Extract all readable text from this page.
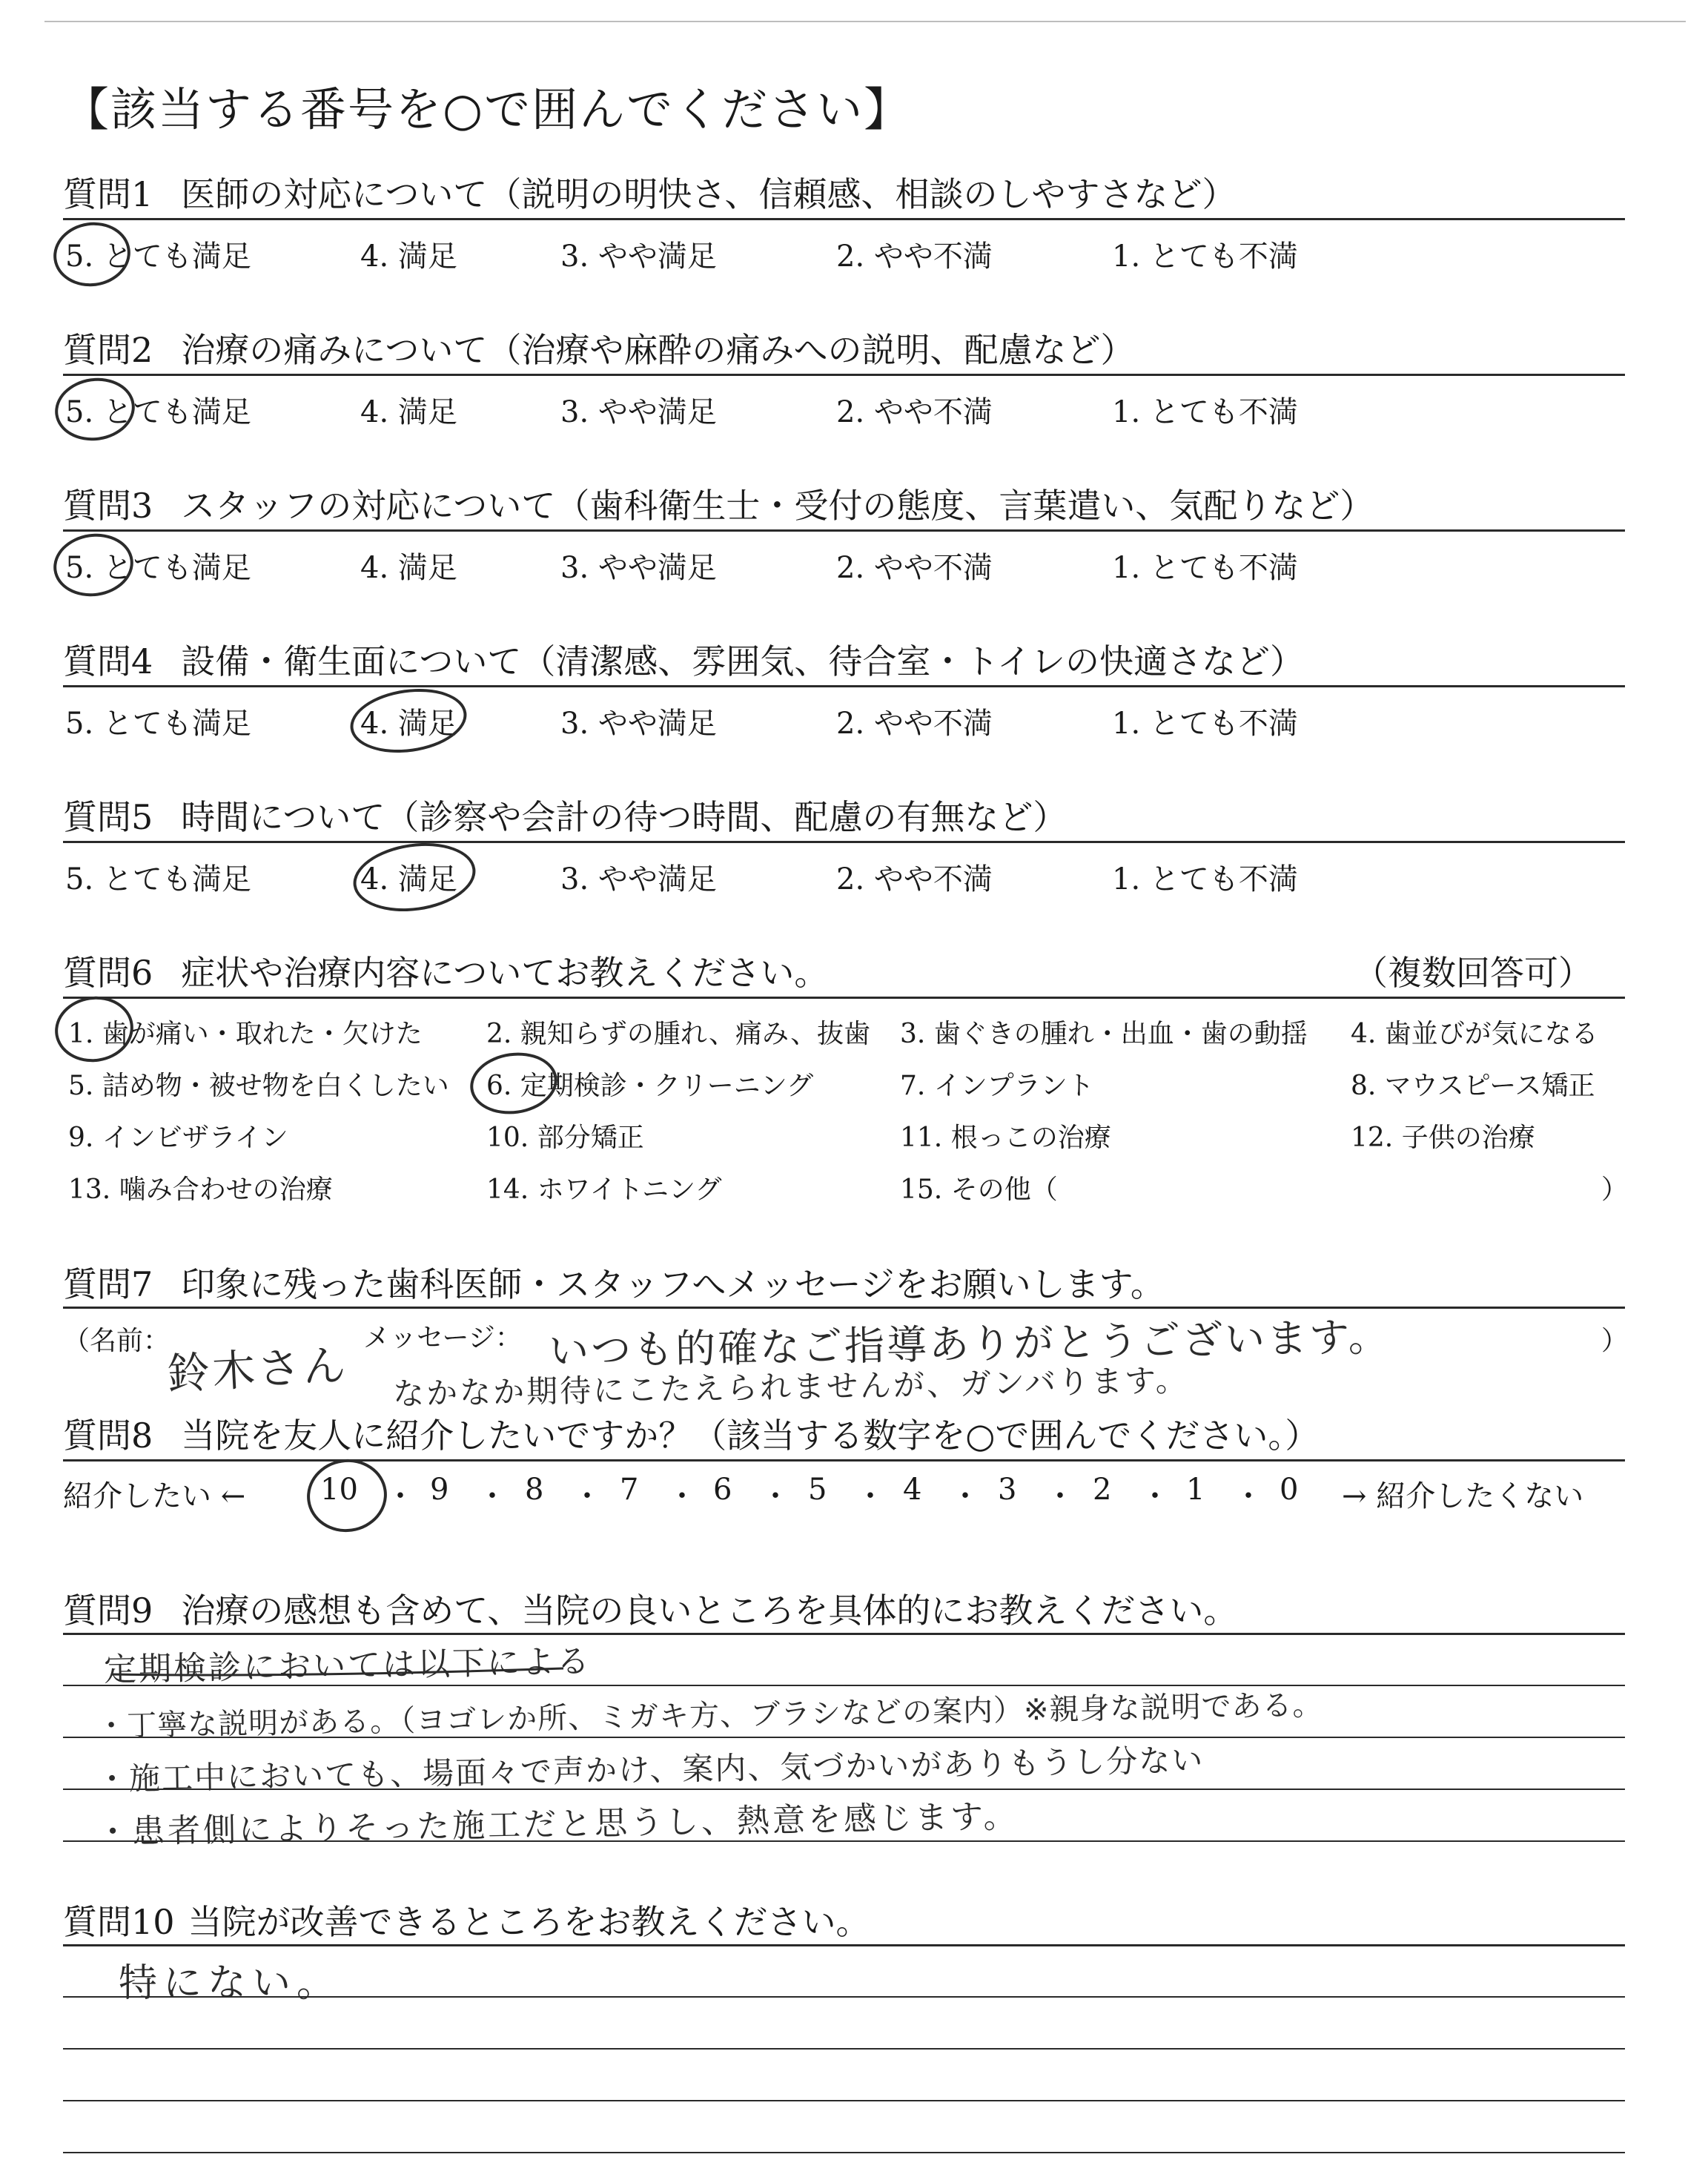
【該当する番号を○で囲んでください】
質問1 医師の対応について（説明の明快さ、信頼感、相談のしやすさなど）
5. とても満足	4. 満足	3. やや満足	2. やや不満	1. とても不満
質問2 治療の痛みについて（治療や麻酔の痛みへの説明、配慮など）
5. とても満足	4. 満足	3. やや満足	2. やや不満	1. とても不満
質問3 スタッフの対応について（歯科衛生士・受付の態度、言葉遣い、気配りなど）
5. とても満足	4. 満足	3. やや満足	2. やや不満	1. とても不満
質問4 設備・衛生面について（清潔感、雰囲気、待合室・トイレの快適さなど）
5. とても満足	4. 満足	3. やや満足	2. やや不満	1. とても不満
質問5 時間について（診察や会計の待つ時間、配慮の有無など）
5. とても満足	4. 満足	3. やや満足	2. やや不満	1. とても不満
質問6 症状や治療内容についてお教えください。	（複数回答可）
1. 歯が痛い・取れた・欠けた 2. 親知らずの腫れ、痛み、抜歯 3. 歯ぐきの腫れ・出血・歯の動揺 4. 歯並びが気になる
5. 詰め物・被せ物を白くしたい 6. 定期検診・クリーニング	7. インプラント	8. マウスピース矯正
9. インビザライン	10. 部分矯正	11. 根っこの治療	12. 子供の治療
13. 噛み合わせの治療	14. ホワイトニング	15. その他（	）
質問7 印象に残った歯科医師・スタッフへメッセージをお願いします。
（名前：	メッセージ：	）
鈴木さん	いつも的確なご指導ありがとうございます。
なかなか期待にこたえられませんが、ガンバります。
質問8 当院を友人に紹介したいですか？（該当する数字を○で囲んでください。）
紹介したい ←	→ 紹介したくない
10 ・ 9 ・ 8 ・ 7 ・ 6 ・ 5 ・ 4 ・ 3 ・ 2 ・ 1 ・ 0
質問9 治療の感想も含めて、当院の良いところを具体的にお教えください。
定期検診においては以下による
・丁寧な説明がある。（ヨゴレか所、ミガキ方、ブラシなどの案内）※親身な説明である。
・施工中においても、場面々で声かけ、案内、気づかいがありもうし分ない
・患者側によりそった施工だと思うし、熱意を感じます。
質問10 当院が改善できるところをお教えください。
特にない。
